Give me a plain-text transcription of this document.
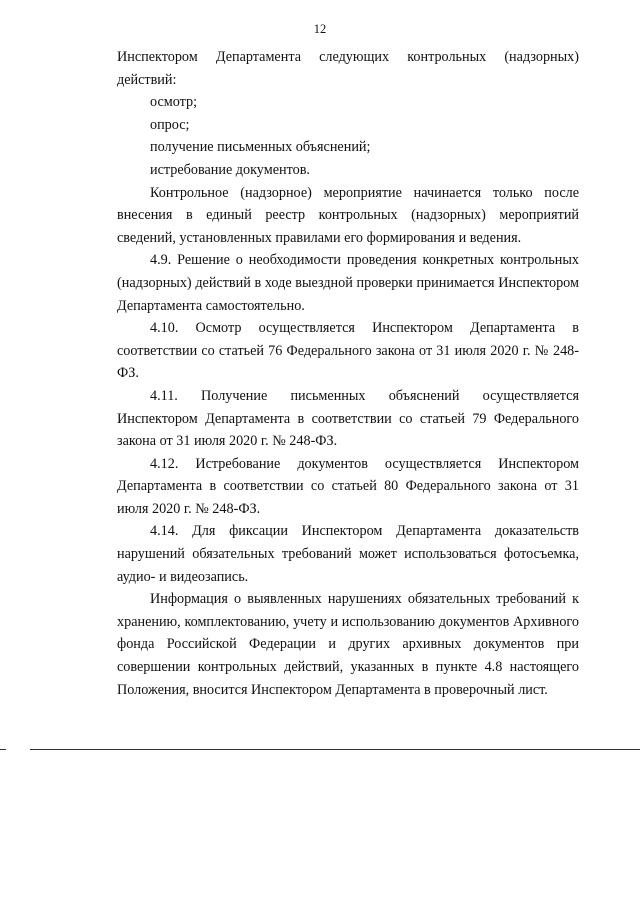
12

Инспектором Департамента следующих контрольных (надзорных) действий:

осмотр;

опрос;

получение письменных объяснений;

истребование документов.

Контрольное (надзорное) мероприятие начинается только после внесения в единый реестр контрольных (надзорных) мероприятий сведений, установленных правилами его формирования и ведения.

4.9. Решение о необходимости проведения конкретных контрольных (надзорных) действий в ходе выездной проверки принимается Инспектором Департамента самостоятельно.

4.10. Осмотр осуществляется Инспектором Департамента в соответствии со статьей 76 Федерального закона от 31 июля 2020 г. № 248-ФЗ.

4.11. Получение письменных объяснений осуществляется Инспектором Департамента в соответствии со статьей 79 Федерального закона от 31 июля 2020 г. № 248-ФЗ.

4.12. Истребование документов осуществляется Инспектором Департамента в соответствии со статьей 80 Федерального закона от 31 июля 2020 г. № 248-ФЗ.

4.14. Для фиксации Инспектором Департамента доказательств нарушений обязательных требований может использоваться фотосъемка, аудио- и видеозапись.

Информация о выявленных нарушениях обязательных требований к хранению, комплектованию, учету и использованию документов Архивного фонда Российской Федерации и других архивных документов при совершении контрольных действий, указанных в пункте 4.8 настоящего Положения, вносится Инспектором Департамента в проверочный лист.
